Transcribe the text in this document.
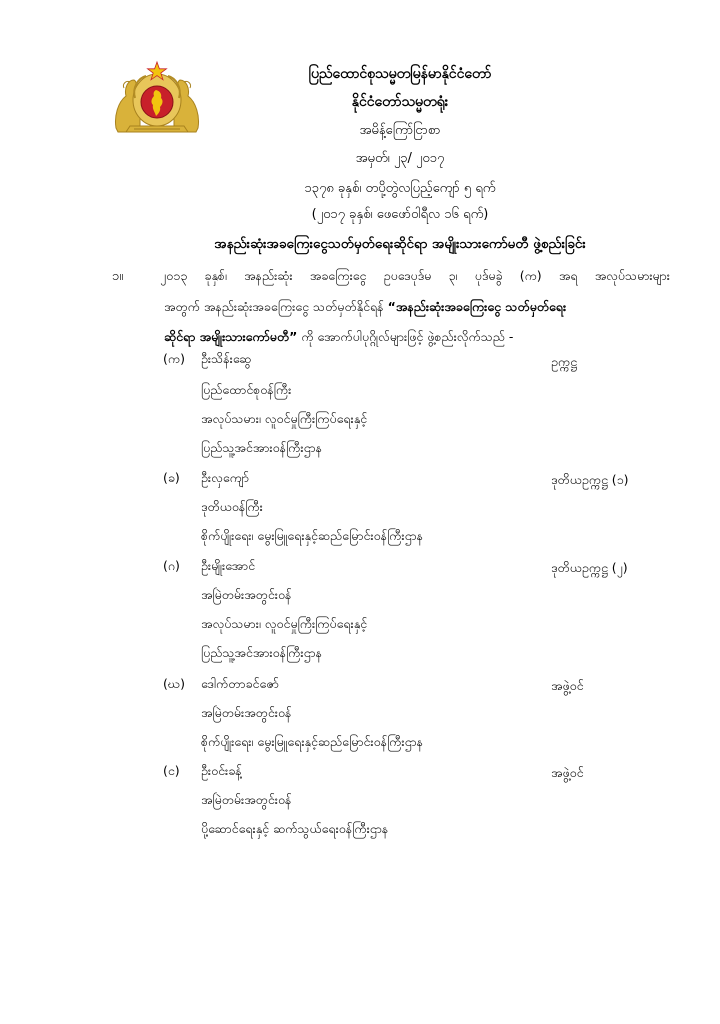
ပြည်ထောင်စုသမ္မတမြန်မာနိုင်ငံတော်
နိုင်ငံတော်သမ္မတရုံး
အမိန့်ကြော်ငြာစာ
အမှတ်၊ ၂၃/ ၂၀၁၇
၁၃၇၈ ခုနှစ်၊ တပို့တွဲလပြည့်ကျော် ၅ ရက်
(၂၀၁၇ ခုနှစ်၊ ဖေဖော်ဝါရီလ ၁၆ ရက်)
အနည်းဆုံးအခကြေးငွေသတ်မှတ်ရေးဆိုင်ရာ အမျိုးသားကော်မတီ ဖွဲ့စည်းခြင်း
၁။	၂၀၁၃ ခုနှစ်၊ အနည်းဆုံး အခကြေးငွေ ဥပဒေပုဒ်မ ၃၊ ပုဒ်မခွဲ (က) အရ အလုပ်သမားများ
အတွက် အနည်းဆုံးအခကြေးငွေ သတ်မှတ်နိုင်ရန် “အနည်းဆုံးအခကြေးငွေ သတ်မှတ်ရေး
ဆိုင်ရာ အမျိုးသားကော်မတီ” ကို အောက်ပါပုဂ္ဂိုလ်များဖြင့် ဖွဲ့စည်းလိုက်သည် -
(က) ဦးသိန်းဆွေ	ဥက္ကဋ္ဌ
ပြည်ထောင်စုဝန်ကြီး
အလုပ်သမား၊ လူဝင်မှုကြီးကြပ်ရေးနှင့်
ပြည်သူ့အင်အားဝန်ကြီးဌာန
(ခ) ဦးလှကျော်	ဒုတိယဥက္ကဋ္ဌ (၁)
ဒုတိယဝန်ကြီး
စိုက်ပျိုးရေး၊ မွေးမြူရေးနှင့်ဆည်မြောင်းဝန်ကြီးဌာန
(ဂ) ဦးမျိုးအောင်	ဒုတိယဥက္ကဋ္ဌ (၂)
အမြဲတမ်းအတွင်းဝန်
အလုပ်သမား၊ လူဝင်မှုကြီးကြပ်ရေးနှင့်
ပြည်သူ့အင်အားဝန်ကြီးဌာန
(ဃ) ဒေါက်တာခင်ဇော်	အဖွဲ့ဝင်
အမြဲတမ်းအတွင်းဝန်
စိုက်ပျိုးရေး၊ မွေးမြူရေးနှင့်ဆည်မြောင်းဝန်ကြီးဌာန
(င) ဦးဝင်းခန့်	အဖွဲ့ဝင်
အမြဲတမ်းအတွင်းဝန်
ပို့ဆောင်ရေးနှင့် ဆက်သွယ်ရေးဝန်ကြီးဌာန
